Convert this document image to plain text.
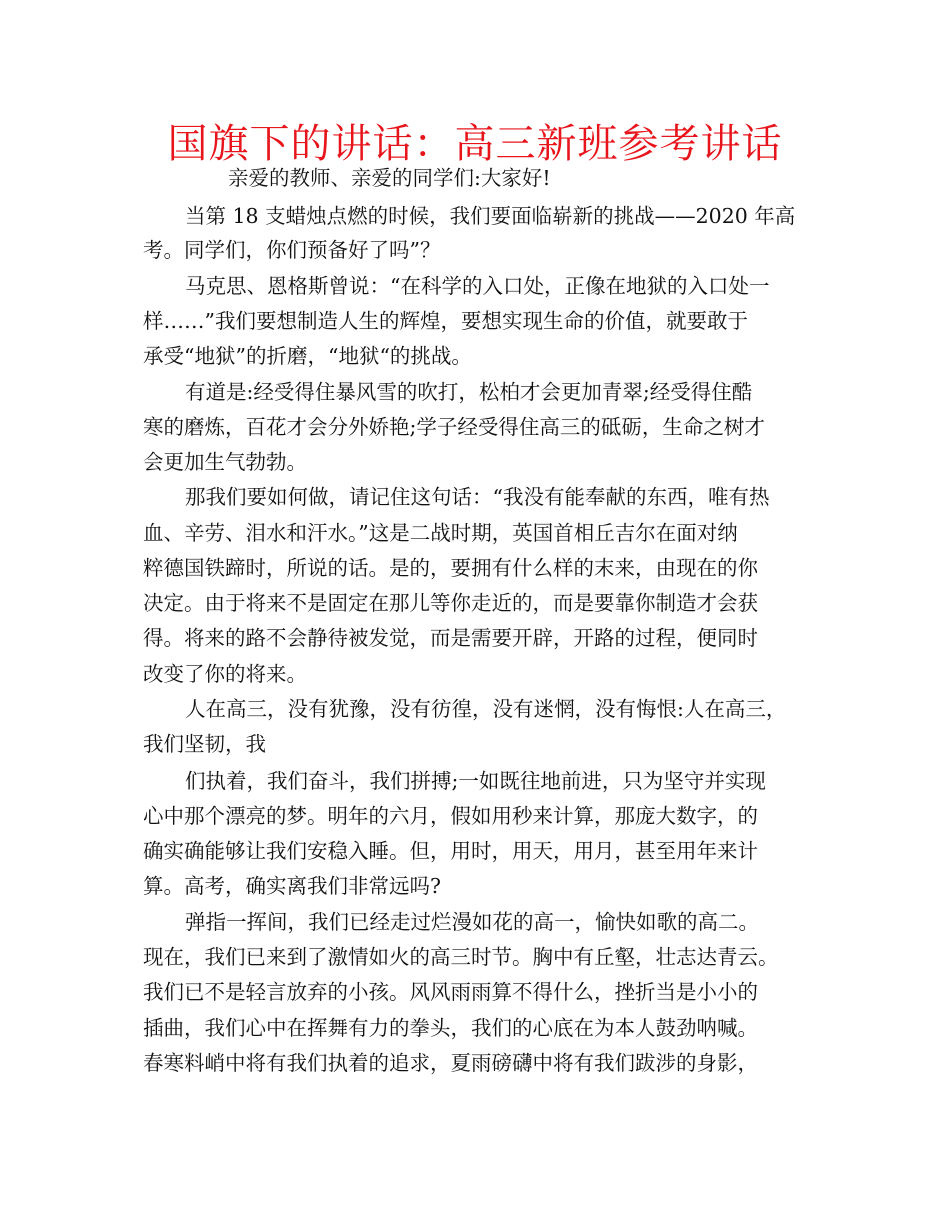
国旗下的讲话：高三新班参考讲话
亲爱的教师、亲爱的同学们:大家好!
当第 18 支蜡烛点燃的时候，我们要面临崭新的挑战——2020 年高
考。同学们，你们预备好了吗”？
马克思、恩格斯曾说：“在科学的入口处，正像在地狱的入口处一
样……”我们要想制造人生的辉煌，要想实现生命的价值，就要敢于
承受“地狱”的折磨，“地狱“的挑战。
有道是:经受得住暴风雪的吹打，松柏才会更加青翠;经受得住酷
寒的磨炼，百花才会分外娇艳;学子经受得住高三的砥砺，生命之树才
会更加生气勃勃。
那我们要如何做，请记住这句话：“我没有能奉献的东西，唯有热
血、辛劳、泪水和汗水。”这是二战时期，英国首相丘吉尔在面对纳
粹德国铁蹄时，所说的话。是的，要拥有什么样的末来，由现在的你
决定。由于将来不是固定在那儿等你走近的，而是要靠你制造才会获
得。将来的路不会静待被发觉，而是需要开辟，开路的过程，便同时
改变了你的将来。
人在高三，没有犹豫，没有彷徨，没有迷惘，没有悔恨:人在高三，
我们坚韧，我
们执着，我们奋斗，我们拼搏;一如既往地前进，只为坚守并实现
心中那个漂亮的梦。明年的六月，假如用秒来计算，那庞大数字，的
确实确能够让我们安稳入睡。但，用时，用天，用月，甚至用年来计
算。高考，确实离我们非常远吗?
弹指一挥间，我们已经走过烂漫如花的高一，愉快如歌的高二。
现在，我们已来到了激情如火的高三时节。胸中有丘壑，壮志达青云。
我们已不是轻言放弃的小孩。风风雨雨算不得什么，挫折当是小小的
插曲，我们心中在挥舞有力的拳头，我们的心底在为本人鼓劲呐喊。
春寒料峭中将有我们执着的追求，夏雨磅礴中将有我们跋涉的身影，
